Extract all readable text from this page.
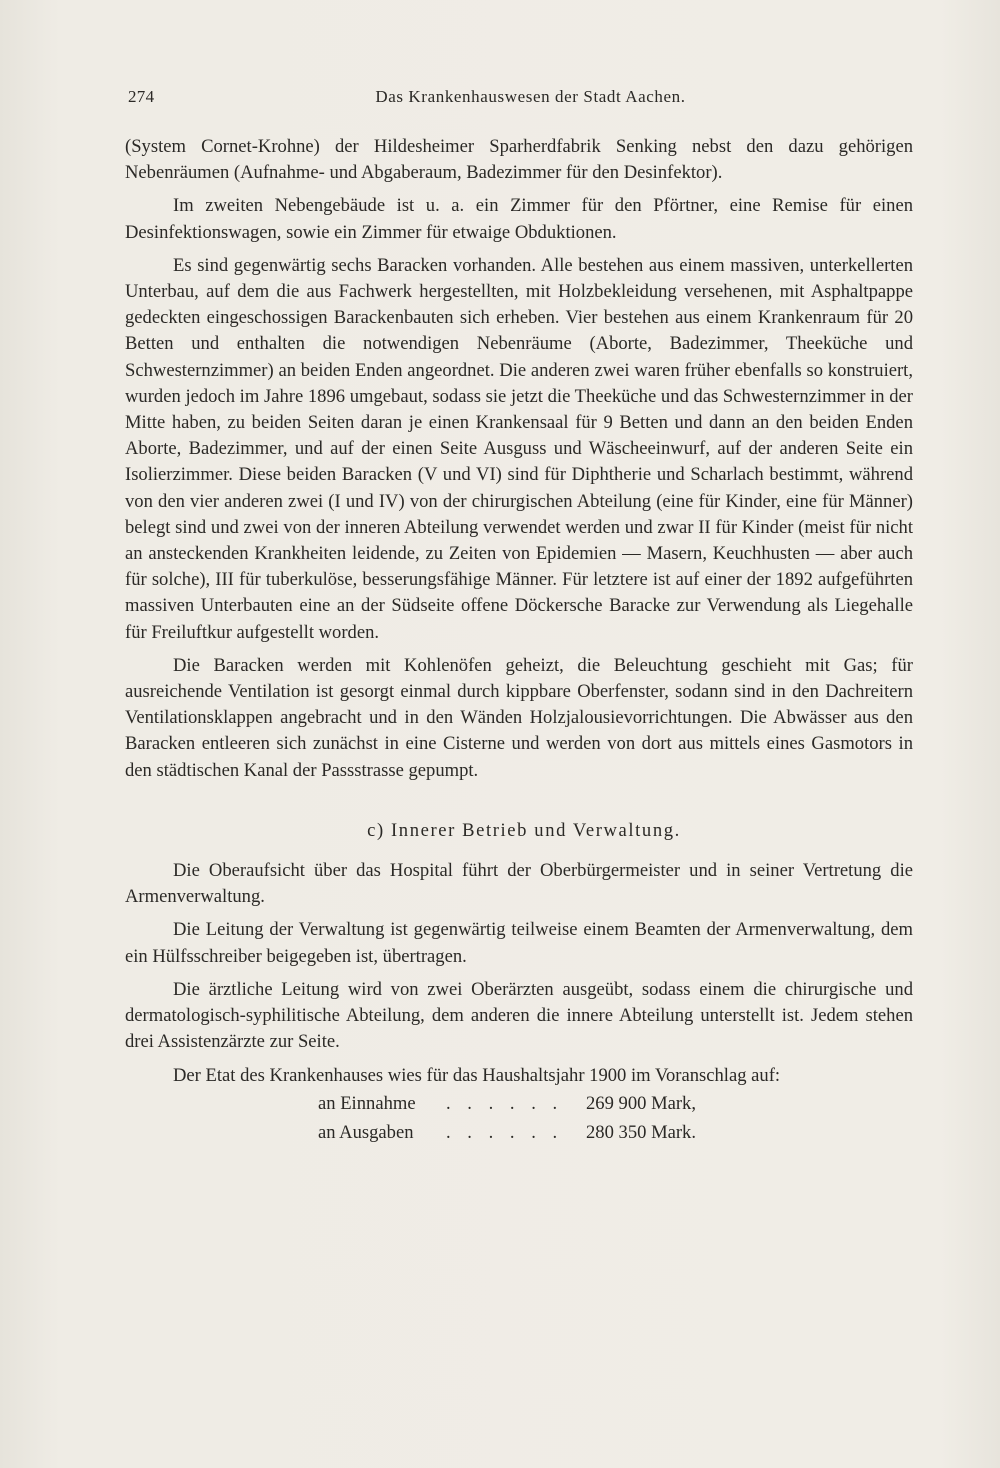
274	Das Krankenhauswesen der Stadt Aachen.

(System Cornet-Krohne) der Hildesheimer Sparherdfabrik Senking nebst den dazu gehörigen Nebenräumen (Aufnahme- und Abgaberaum, Badezimmer für den Desinfektor).

Im zweiten Nebengebäude ist u. a. ein Zimmer für den Pförtner, eine Remise für einen Desinfektionswagen, sowie ein Zimmer für etwaige Obduktionen.

Es sind gegenwärtig sechs Baracken vorhanden. Alle bestehen aus einem massiven, unterkellerten Unterbau, auf dem die aus Fachwerk hergestellten, mit Holzbekleidung versehenen, mit Asphaltpappe gedeckten eingeschossigen Barackenbauten sich erheben. Vier bestehen aus einem Krankenraum für 20 Betten und enthalten die notwendigen Nebenräume (Aborte, Badezimmer, Theeküche und Schwesternzimmer) an beiden Enden angeordnet. Die anderen zwei waren früher ebenfalls so konstruiert, wurden jedoch im Jahre 1896 umgebaut, sodass sie jetzt die Theeküche und das Schwesternzimmer in der Mitte haben, zu beiden Seiten daran je einen Krankensaal für 9 Betten und dann an den beiden Enden Aborte, Badezimmer, und auf der einen Seite Ausguss und Wäscheeinwurf, auf der anderen Seite ein Isolierzimmer. Diese beiden Baracken (V und VI) sind für Diphtherie und Scharlach bestimmt, während von den vier anderen zwei (I und IV) von der chirurgischen Abteilung (eine für Kinder, eine für Männer) belegt sind und zwei von der inneren Abteilung verwendet werden und zwar II für Kinder (meist für nicht an ansteckenden Krankheiten leidende, zu Zeiten von Epidemien — Masern, Keuchhusten — aber auch für solche), III für tuberkulöse, besserungsfähige Männer. Für letztere ist auf einer der 1892 aufgeführten massiven Unterbauten eine an der Südseite offene Döckersche Baracke zur Verwendung als Liegehalle für Freiluftkur aufgestellt worden.

Die Baracken werden mit Kohlenöfen geheizt, die Beleuchtung geschieht mit Gas; für ausreichende Ventilation ist gesorgt einmal durch kippbare Oberfenster, sodann sind in den Dachreitern Ventilationsklappen angebracht und in den Wänden Holzjalousievorrichtungen. Die Abwässer aus den Baracken entleeren sich zunächst in eine Cisterne und werden von dort aus mittels eines Gasmotors in den städtischen Kanal der Passstrasse gepumpt.

c) Innerer Betrieb und Verwaltung.

Die Oberaufsicht über das Hospital führt der Oberbürgermeister und in seiner Vertretung die Armenverwaltung.

Die Leitung der Verwaltung ist gegenwärtig teilweise einem Beamten der Armenverwaltung, dem ein Hülfsschreiber beigegeben ist, übertragen.

Die ärztliche Leitung wird von zwei Oberärzten ausgeübt, sodass einem die chirurgische und dermatologisch-syphilitische Abteilung, dem anderen die innere Abteilung unterstellt ist. Jedem stehen drei Assistenzärzte zur Seite.

Der Etat des Krankenhauses wies für das Haushaltsjahr 1900 im Voranschlag auf:

an Einnahme	. . . . . .	269 900 Mark,
an Ausgaben	. . . . . .	280 350 Mark.
